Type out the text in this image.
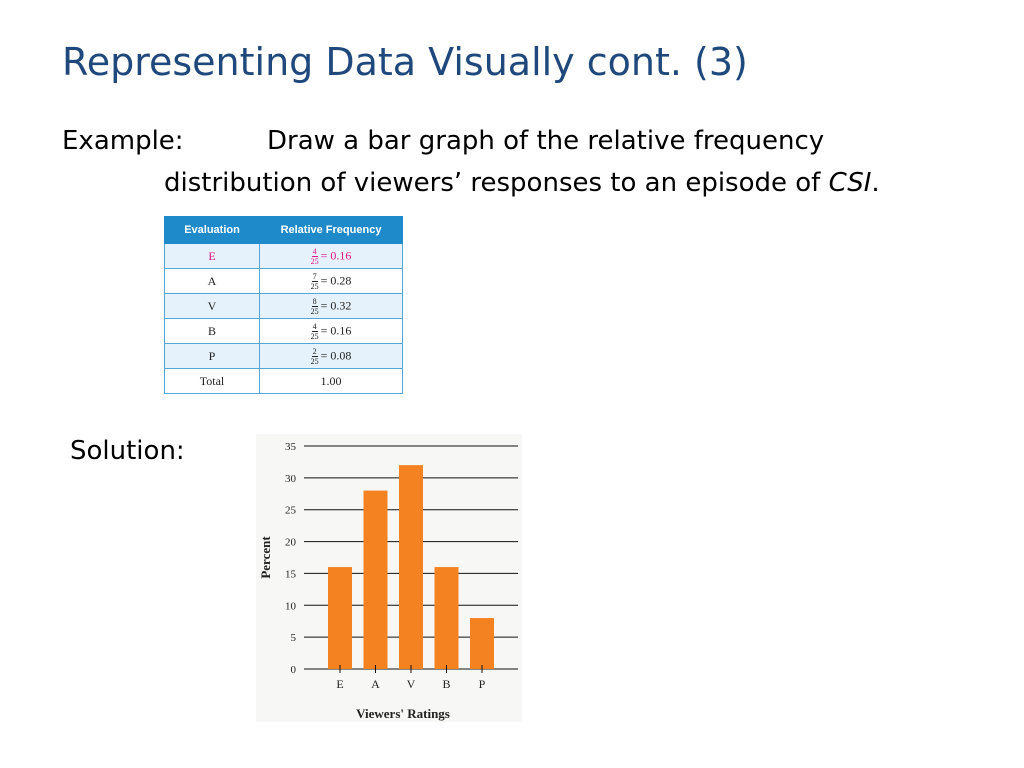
Representing Data Visually cont. (3)
Example:	Draw a bar graph of the relative frequency
distribution of viewers’ responses to an episode of CSI.
Evaluation	Relative Frequency
E	$\frac{4}{25} = 0.16$
A	$\frac{7}{25} = 0.28$
V	$\frac{8}{25} = 0.32$
B	$\frac{4}{25} = 0.16$
P	$\frac{2}{25} = 0.08$
Total	1.00
Solution:
0
5
10
15
20
25
30
35
E A V B P
Viewers' Ratings
Percent
